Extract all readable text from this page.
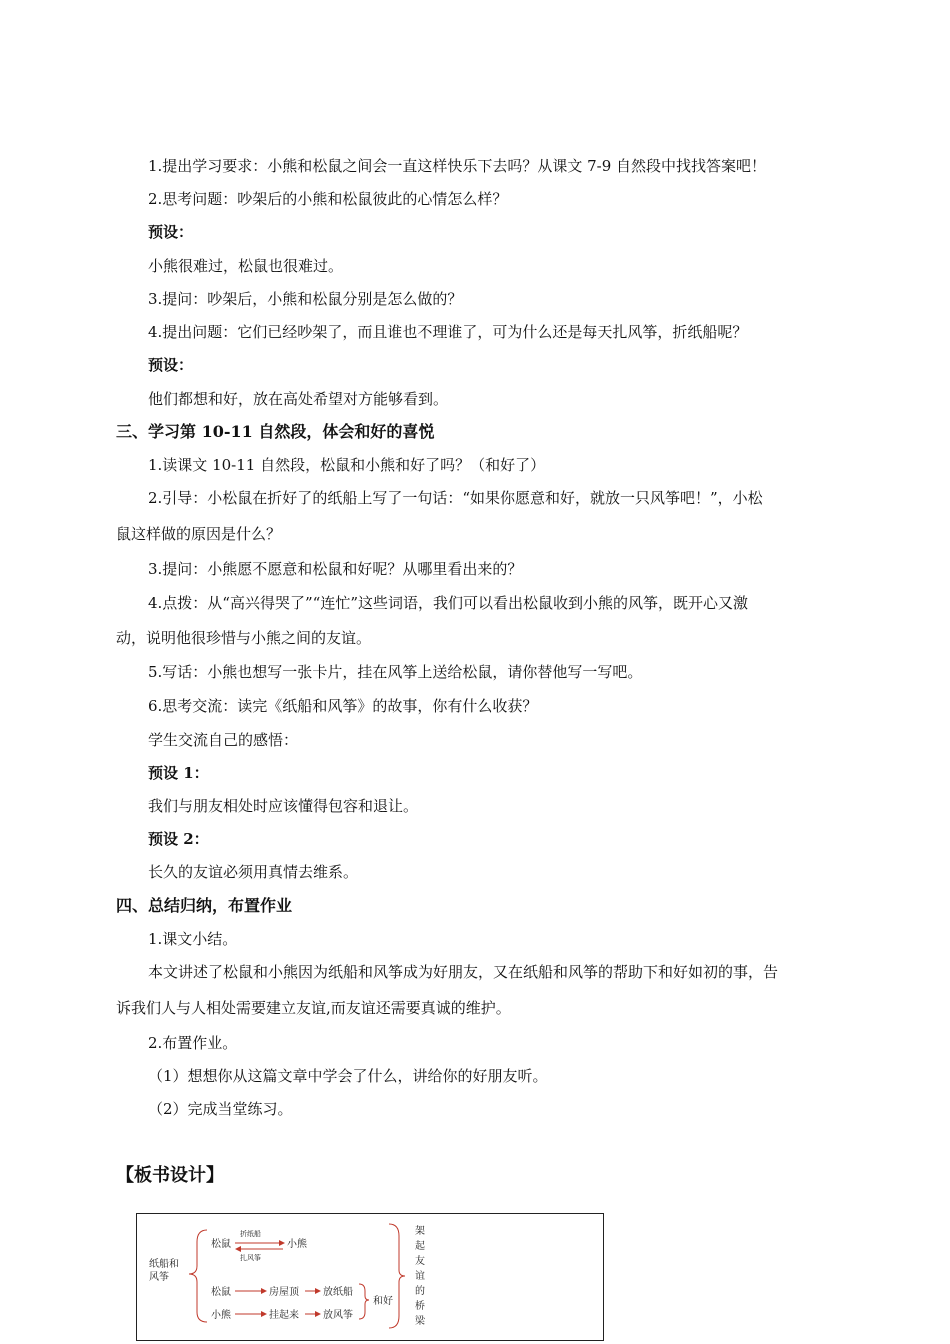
1.提出学习要求：小熊和松鼠之间会一直这样快乐下去吗？从课文 7-9 自然段中找找答案吧！
2.思考问题：吵架后的小熊和松鼠彼此的心情怎么样？
预设：
小熊很难过，松鼠也很难过。
3.提问：吵架后，小熊和松鼠分别是怎么做的？
4.提出问题：它们已经吵架了，而且谁也不理谁了，可为什么还是每天扎风筝，折纸船呢？
预设：
他们都想和好，放在高处希望对方能够看到。
三、学习第 10-11 自然段，体会和好的喜悦
1.读课文 10-11 自然段，松鼠和小熊和好了吗？（和好了）
2.引导：小松鼠在折好了的纸船上写了一句话：“如果你愿意和好，就放一只风筝吧！”，小松
鼠这样做的原因是什么？
3.提问：小熊愿不愿意和松鼠和好呢？从哪里看出来的？
4.点拨：从“高兴得哭了”“连忙”这些词语，我们可以看出松鼠收到小熊的风筝，既开心又激
动，说明他很珍惜与小熊之间的友谊。
5.写话：小熊也想写一张卡片，挂在风筝上送给松鼠，请你替他写一写吧。
6.思考交流：读完《纸船和风筝》的故事，你有什么收获？
学生交流自己的感悟：
预设 1：
我们与朋友相处时应该懂得包容和退让。
预设 2：
长久的友谊必须用真情去维系。
四、总结归纳，布置作业
1.课文小结。
本文讲述了松鼠和小熊因为纸船和风筝成为好朋友，又在纸船和风筝的帮助下和好如初的事，告
诉我们人与人相处需要建立友谊,而友谊还需要真诚的维护。
2.布置作业。
（1）想想你从这篇文章中学会了什么，讲给你的好朋友听。
（2）完成当堂练习。
【板书设计】
纸船和
风筝
松鼠
折纸船
扎风筝
小熊
松鼠	房屋顶 放纸船
小熊	挂起来 放风筝
和好
架
起
友
谊
的
桥
梁
